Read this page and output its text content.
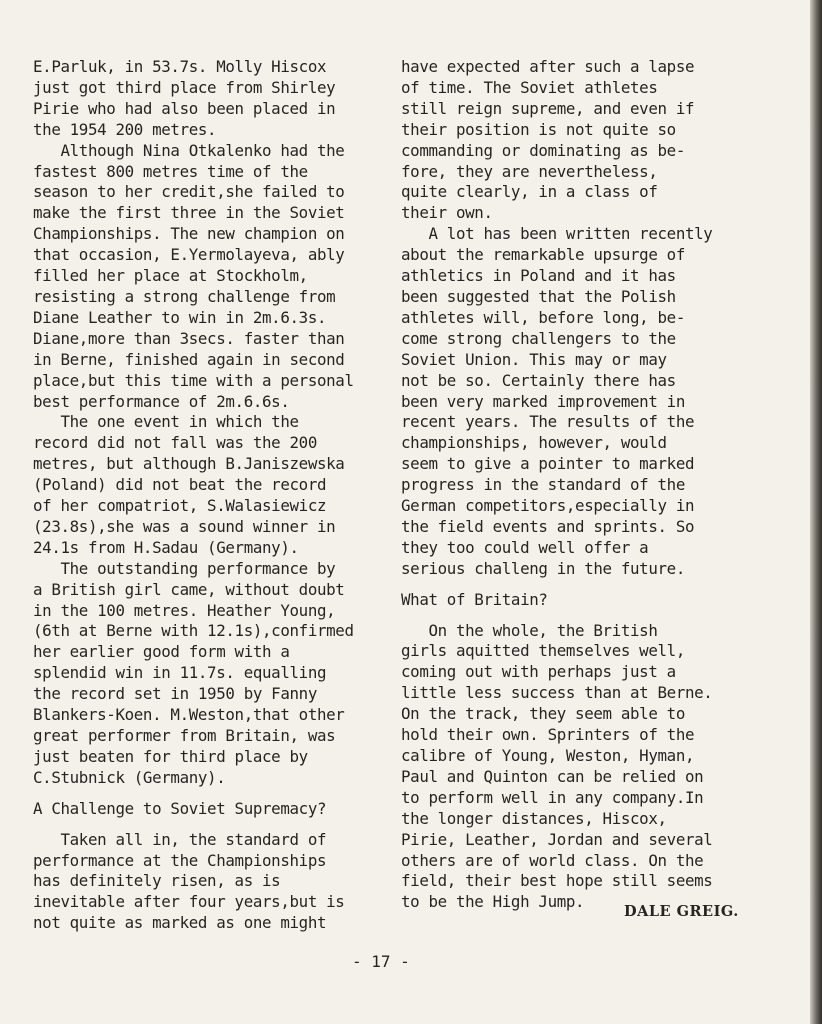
E.Parluk, in 53.7s. Molly Hiscox
just got third place from Shirley
Pirie who had also been placed in
the 1954 200 metres.

Although Nina Otkalenko had the
fastest 800 metres time of the
season to her credit,she failed to
make the first three in the Soviet
Championships. The new champion on
that occasion, E.Yermolayeva, ably
filled her place at Stockholm,
resisting a strong challenge from
Diane Leather to win in 2m.6.3s.
Diane,more than 3secs. faster than
in Berne, finished again in second
place,but this time with a personal
best performance of 2m.6.6s.

The one event in which the
record did not fall was the 200
metres, but although B.Janiszewska
(Poland) did not beat the record
of her compatriot, S.Walasiewicz
(23.8s),she was a sound winner in
24.1s from H.Sadau (Germany).

The outstanding performance by
a British girl came, without doubt
in the 100 metres. Heather Young,
(6th at Berne with 12.1s),confirmed
her earlier good form with a
splendid win in 11.7s. equalling
the record set in 1950 by Fanny
Blankers-Koen. M.Weston,that other
great performer from Britain, was
just beaten for third place by
C.Stubnick (Germany).

A Challenge to Soviet Supremacy?

Taken all in, the standard of
performance at the Championships
has definitely risen, as is
inevitable after four years,but is
not quite as marked as one might

have expected after such a lapse
of time. The Soviet athletes
still reign supreme, and even if
their position is not quite so
commanding or dominating as be-
fore, they are nevertheless,
quite clearly, in a class of
their own.

A lot has been written recently
about the remarkable upsurge of
athletics in Poland and it has
been suggested that the Polish
athletes will, before long, be-
come strong challengers to the
Soviet Union. This may or may
not be so. Certainly there has
been very marked improvement in
recent years. The results of the
championships, however, would
seem to give a pointer to marked
progress in the standard of the
German competitors,especially in
the field events and sprints. So
they too could well offer a
serious challeng in the future.

What of Britain?

On the whole, the British
girls aquitted themselves well,
coming out with perhaps just a
little less success than at Berne.
On the track, they seem able to
hold their own. Sprinters of the
calibre of Young, Weston, Hyman,
Paul and Quinton can be relied on
to perform well in any company.In
the longer distances, Hiscox,
Pirie, Leather, Jordan and several
others are of world class. On the
field, their best hope still seems
to be the High Jump.

DALE GREIG.
- 17 -
